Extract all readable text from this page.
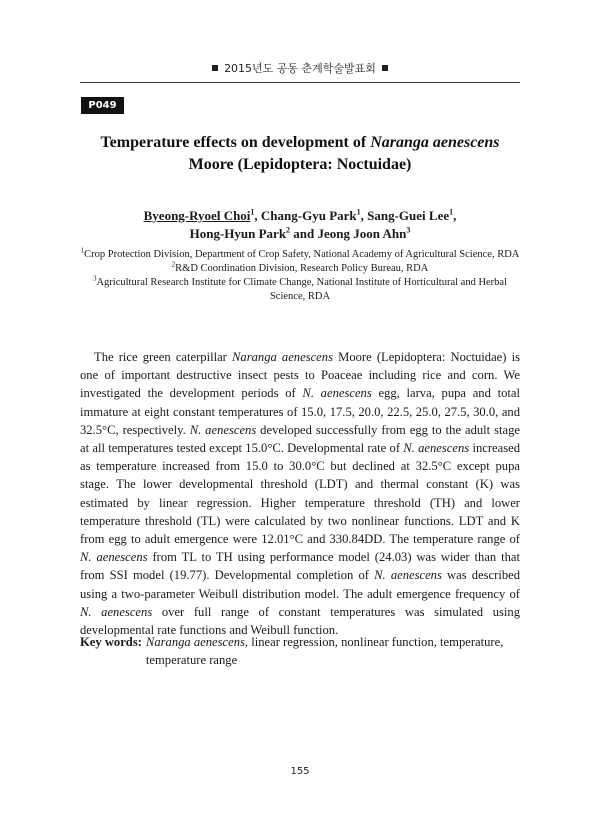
2015년도 공동 춘계학술발표회
P049
Temperature effects on development of Naranga aenescens
Moore (Lepidoptera: Noctuidae)
Byeong-Ryoel Choi$^1$, Chang-Gyu Park$^1$, Sang-Guei Lee$^1$,
Hong-Hyun Park$^2$ and Jeong Joon Ahn$^3$
$^1$Crop Protection Division, Department of Crop Safety, National Academy of Agricultural Science, RDA
$^2$R&D Coordination Division, Research Policy Bureau, RDA
$^3$Agricultural Research Institute for Climate Change, National Institute of Horticultural and Herbal Science, RDA

The rice green caterpillar Naranga aenescens Moore (Lepidoptera: Noctuidae) is one of important destructive insect pests to Poaceae including rice and corn. We investigated the development periods of N. aenescens egg, larva, pupa and total immature at eight constant temperatures of 15.0, 17.5, 20.0, 22.5, 25.0, 27.5, 30.0, and 32.5°C, respectively. N. aenescens developed successfully from egg to the adult stage at all temperatures tested except 15.0°C. Developmental rate of N. aenescens increased as temperature increased from 15.0 to 30.0°C but declined at 32.5°C except pupa stage. The lower developmental threshold (LDT) and thermal constant (K) was estimated by linear regression. Higher temperature threshold (TH) and lower temperature threshold (TL) were calculated by two nonlinear functions. LDT and K from egg to adult emergence were 12.01°C and 330.84DD. The temperature range of N. aenescens from TL to TH using performance model (24.03) was wider than that from SSI model (19.77). Developmental completion of N. aenescens was described using a two-parameter Weibull distribution model. The adult emergence frequency of N. aenescens over full range of constant temperatures was simulated using developmental rate functions and Weibull function.

Key words: Naranga aenescens, linear regression, nonlinear function, temperature, temperature range
155
